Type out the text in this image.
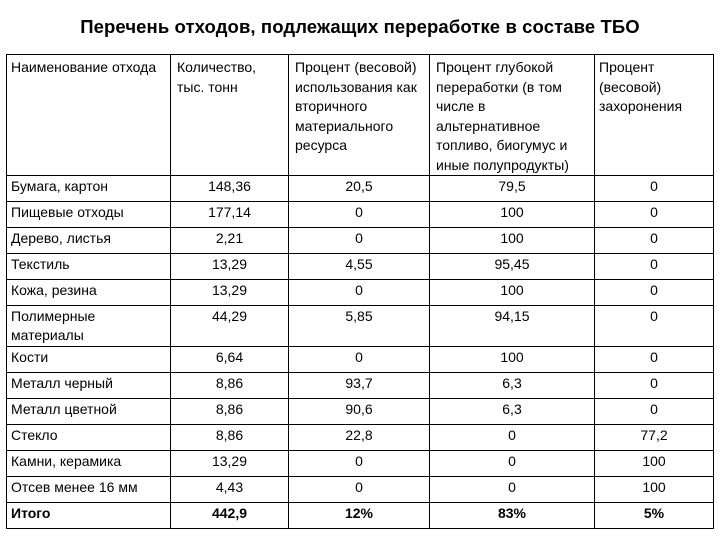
Перечень отходов, подлежащих переработке в составе ТБО
Наименование отхода	Количество, тыс. тонн	Процент (весовой) использования как вторичного материального ресурса	Процент глубокой переработки (в том числе в альтернативное топливо, биогумус и иные полупродукты)	Процент (весовой) захоронения
Бумага, картон	148,36	20,5	79,5	0
Пищевые отходы	177,14	0	100	0
Дерево, листья	2,21	0	100	0
Текстиль	13,29	4,55	95,45	0
Кожа, резина	13,29	0	100	0
Полимерные материалы	44,29	5,85	94,15	0
Кости	6,64	0	100	0
Металл черный	8,86	93,7	6,3	0
Металл цветной	8,86	90,6	6,3	0
Стекло	8,86	22,8	0	77,2
Камни, керамика	13,29	0	0	100
Отсев менее 16 мм	4,43	0	0	100
Итого	442,9	12%	83%	5%
